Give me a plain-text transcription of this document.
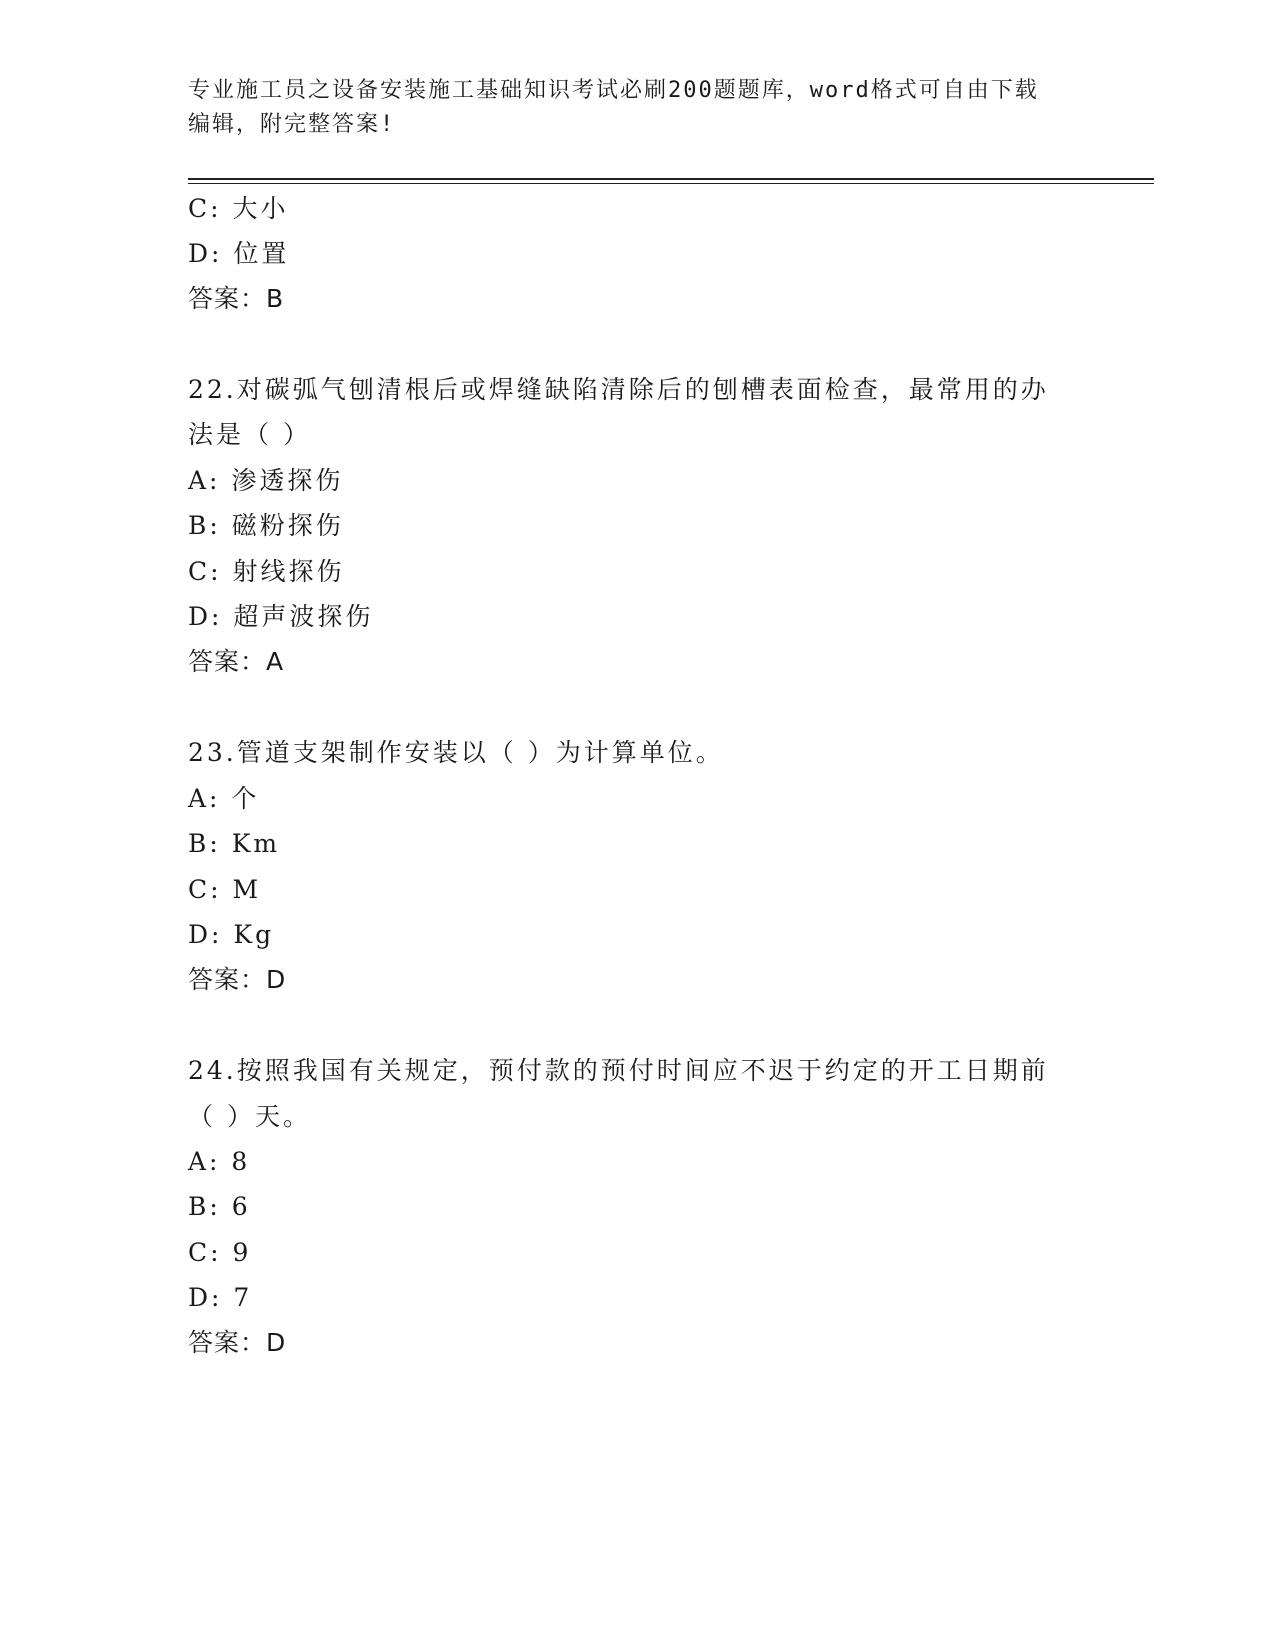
专业施工员之设备安装施工基础知识考试必刷200题题库，word格式可自由下载
编辑，附完整答案!
C: 大小
D: 位置
答案：B
22.对碳弧气刨清根后或焊缝缺陷清除后的刨槽表面检查，最常用的办
法是（ ）
A: 渗透探伤
B: 磁粉探伤
C: 射线探伤
D: 超声波探伤
答案：A
23.管道支架制作安装以（ ）为计算单位。
A: 个
B: Km
C: M
D: Kg
答案：D
24.按照我国有关规定，预付款的预付时间应不迟于约定的开工日期前
（ ）天。
A: 8
B: 6
C: 9
D: 7
答案：D
